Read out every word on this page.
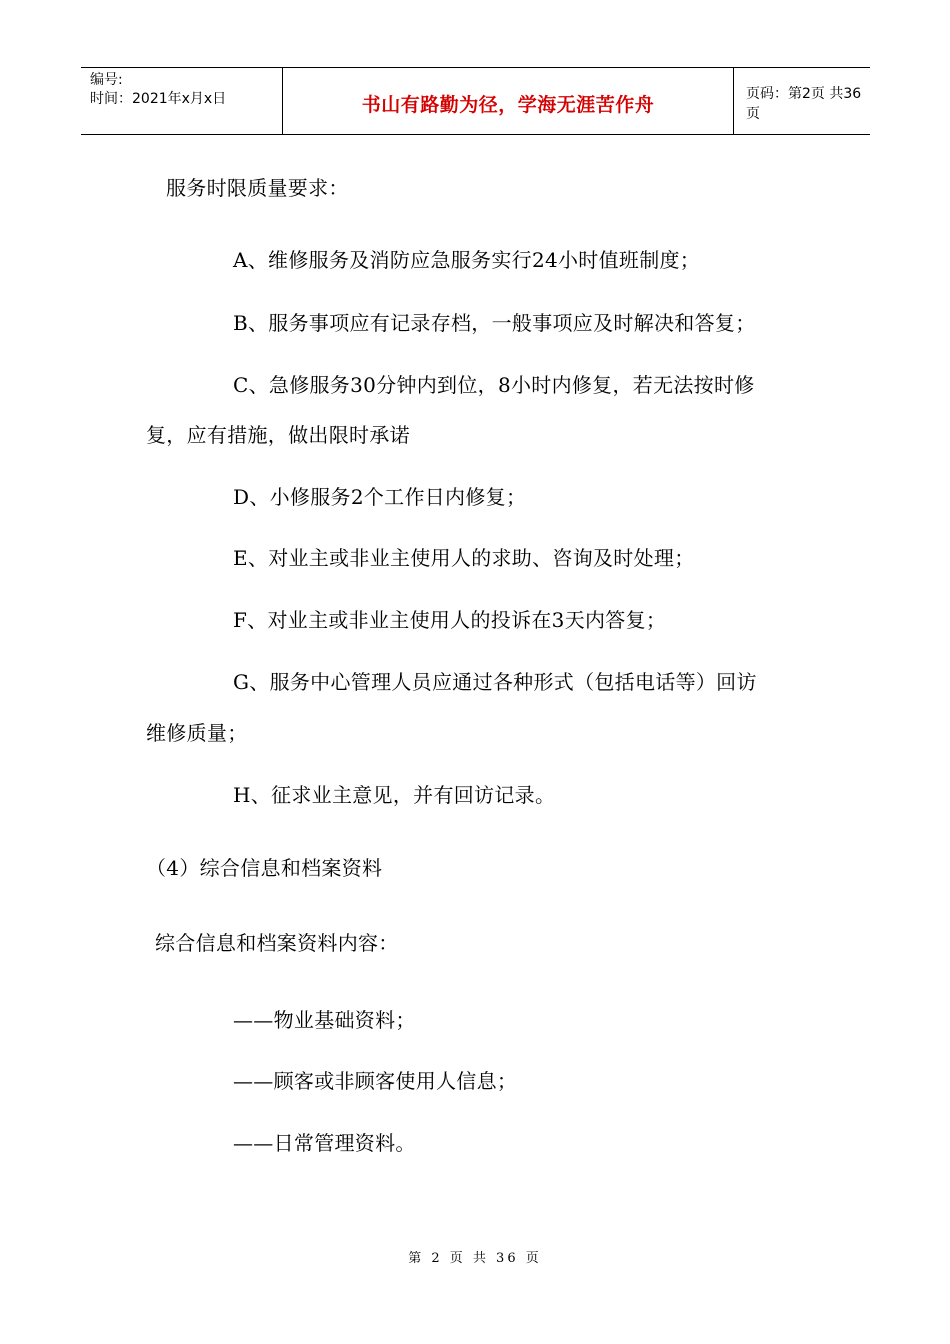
编号:
时间：2021年x月x日	书山有路勤为径，学海无涯苦作舟	页码：第2页 共36页
服务时限质量要求：
A、维修服务及消防应急服务实行24小时值班制度；
B、服务事项应有记录存档，一般事项应及时解决和答复；
C、急修服务30分钟内到位，8小时内修复，若无法按时修
复，应有措施，做出限时承诺
D、小修服务2个工作日内修复；
E、对业主或非业主使用人的求助、咨询及时处理；
F、对业主或非业主使用人的投诉在3天内答复；
G、服务中心管理人员应通过各种形式（包括电话等）回访
维修质量；
H、征求业主意见，并有回访记录。
（4）综合信息和档案资料
综合信息和档案资料内容：
——物业基础资料；
——顾客或非顾客使用人信息；
——日常管理资料。
第 2 页 共 36 页
